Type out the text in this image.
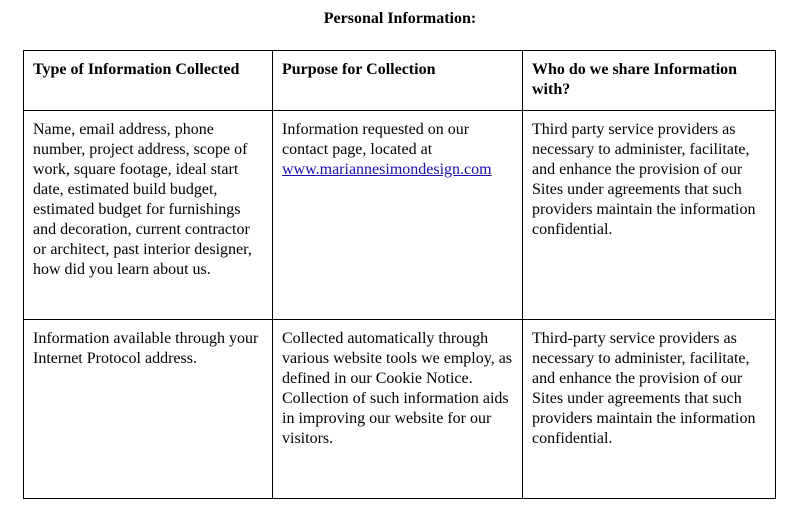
Personal Information:
Type of Information Collected	Purpose for Collection	Who do we share Information with?
Name, email address, phone number, project address, scope of work, square footage, ideal start date, estimated build budget, estimated budget for furnishings and decoration, current contractor or architect, past interior designer, how did you learn about us.	Information requested on our contact page, located at www.mariannesimondesign.com	Third party service providers as necessary to administer, facilitate, and enhance the provision of our Sites under agreements that such providers maintain the information confidential.
Information available through your Internet Protocol address.	Collected automatically through various website tools we employ, as defined in our Cookie Notice. Collection of such information aids in improving our website for our visitors.	Third-party service providers as necessary to administer, facilitate, and enhance the provision of our Sites under agreements that such providers maintain the information confidential.
